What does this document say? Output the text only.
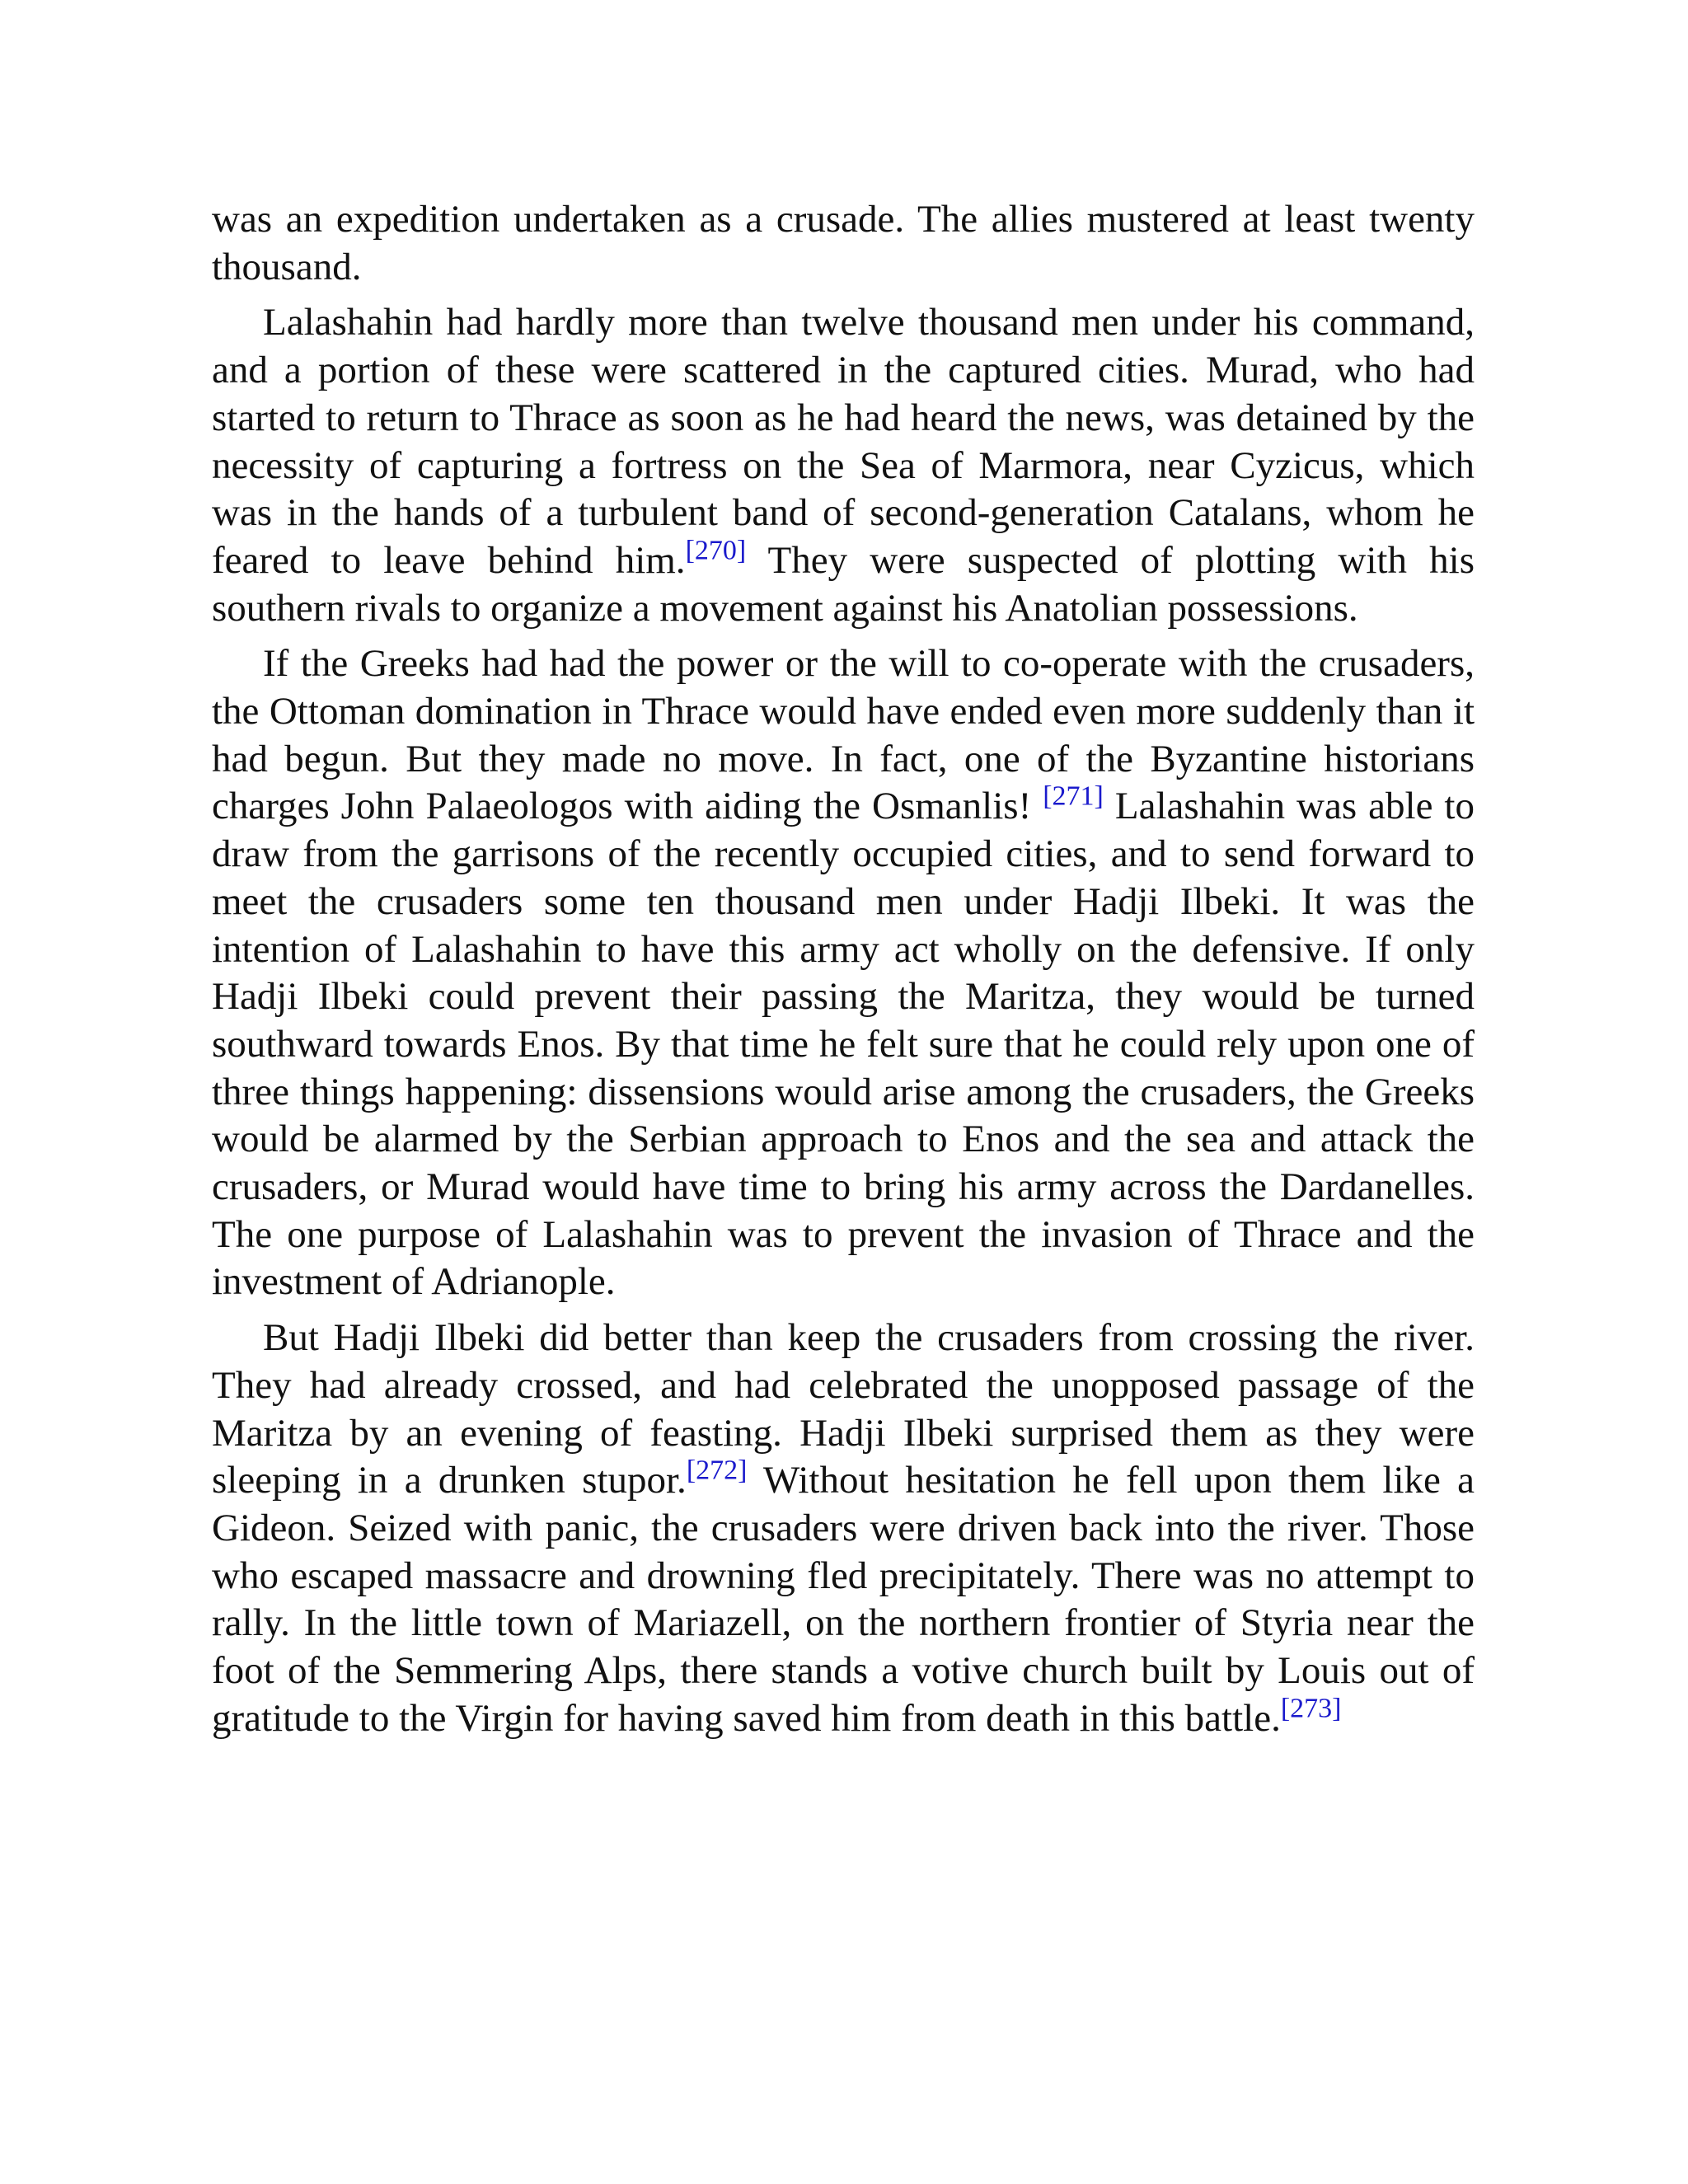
was an expedition undertaken as a crusade. The allies mustered at least twenty thousand.

Lalashahin had hardly more than twelve thousand men under his command, and a portion of these were scattered in the captured cities. Murad, who had started to return to Thrace as soon as he had heard the news, was detained by the necessity of capturing a fortress on the Sea of Marmora, near Cyzicus, which was in the hands of a turbulent band of second-generation Catalans, whom he feared to leave behind him.[270] They were suspected of plotting with his southern rivals to organize a movement against his Anatolian possessions.

If the Greeks had had the power or the will to co-operate with the crusaders, the Ottoman domination in Thrace would have ended even more suddenly than it had begun. But they made no move. In fact, one of the Byzantine historians charges John Palaeologos with aiding the Osmanlis! [271] Lalashahin was able to draw from the garrisons of the recently occupied cities, and to send forward to meet the crusaders some ten thousand men under Hadji Ilbeki. It was the intention of Lalashahin to have this army act wholly on the defensive. If only Hadji Ilbeki could prevent their passing the Maritza, they would be turned southward towards Enos. By that time he felt sure that he could rely upon one of three things happening: dissensions would arise among the crusaders, the Greeks would be alarmed by the Serbian approach to Enos and the sea and attack the crusaders, or Murad would have time to bring his army across the Dardanelles. The one purpose of Lalashahin was to prevent the invasion of Thrace and the investment of Adrianople.

But Hadji Ilbeki did better than keep the crusaders from crossing the river. They had already crossed, and had celebrated the unopposed passage of the Maritza by an evening of feasting. Hadji Ilbeki surprised them as they were sleeping in a drunken stupor.[272] Without hesitation he fell upon them like a Gideon. Seized with panic, the crusaders were driven back into the river. Those who escaped massacre and drowning fled precipitately. There was no attempt to rally. In the little town of Mariazell, on the northern frontier of Styria near the foot of the Semmering Alps, there stands a votive church built by Louis out of gratitude to the Virgin for having saved him from death in this battle.[273]
